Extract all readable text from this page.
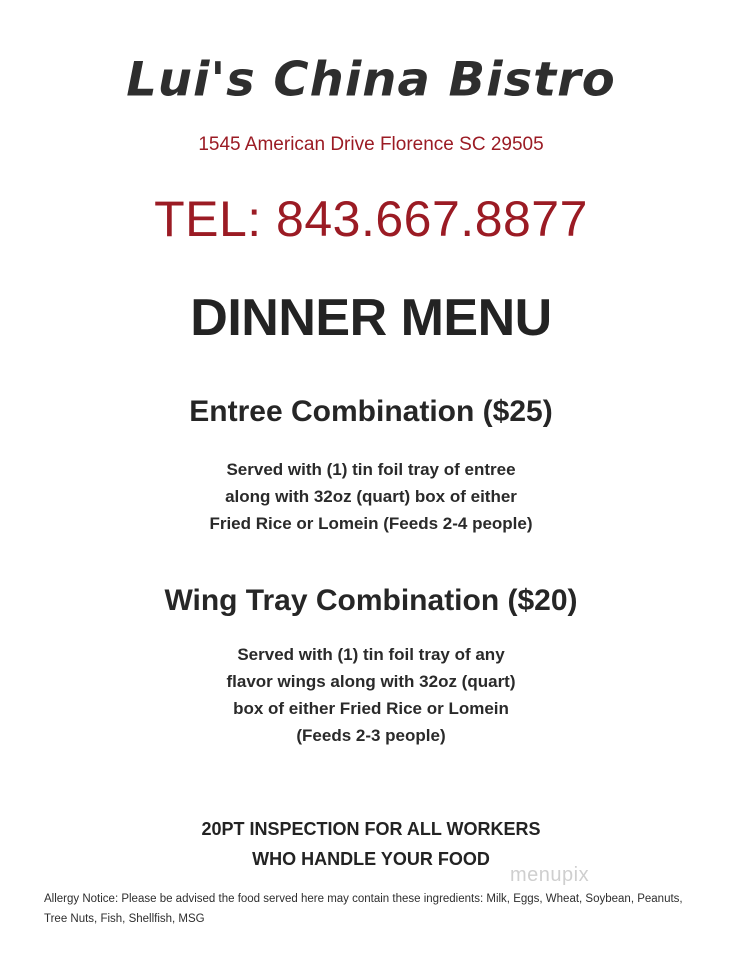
Lui's China Bistro
1545 American Drive Florence SC 29505
TEL: 843.667.8877
DINNER MENU
Entree Combination ($25)
Served with (1) tin foil tray of entree
along with 32oz (quart) box of either
Fried Rice or Lomein (Feeds 2-4 people)
Wing Tray Combination ($20)
Served with (1) tin foil tray of any
flavor wings along with 32oz (quart)
box of either Fried Rice or Lomein
(Feeds 2-3 people)
20PT INSPECTION FOR ALL WORKERS
WHO HANDLE YOUR FOOD
menupix
Allergy Notice: Please be advised the food served here may contain these ingredients: Milk, Eggs, Wheat, Soybean, Peanuts, Tree Nuts, Fish, Shellfish, MSG
